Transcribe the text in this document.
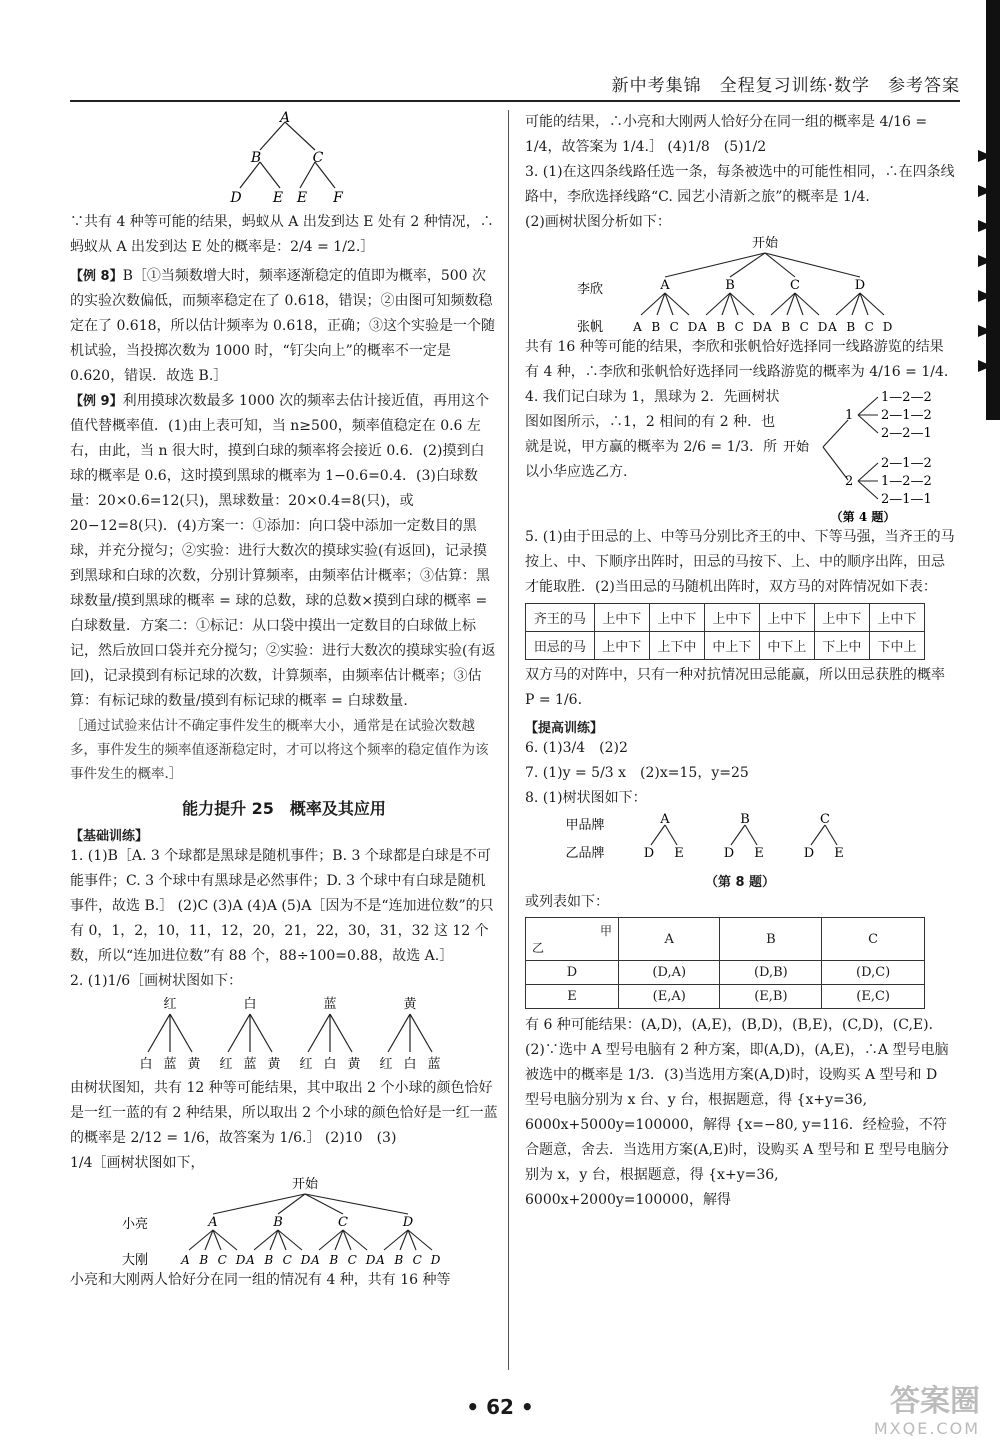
新中考集锦　全程复习训练·数学　参考答案
A
B	C
D E E F

∵共有 4 种等可能的结果，蚂蚁从 A 出发到达 E 处有 2 种情况，∴蚂蚁从 A 出发到达 E 处的概率是：2/4 = 1/2.］

【例 8】B［①当频数增大时，频率逐渐稳定的值即为概率，500 次的实验次数偏低，而频率稳定在了 0.618，错误；②由图可知频数稳定在了 0.618，所以估计频率为 0.618，正确；③这个实验是一个随机试验，当投掷次数为 1000 时，“钉尖向上”的概率不一定是 0.620，错误．故选 B.］

【例 9】利用摸球次数最多 1000 次的频率去估计接近值，再用这个值代替概率值．(1)由上表可知，当 n≥500，频率值稳定在 0.6 左右，由此，当 n 很大时，摸到白球的频率将会接近 0.6．(2)摸到白球的概率是 0.6，这时摸到黑球的概率为 1−0.6=0.4．(3)白球数量：20×0.6=12(只)，黑球数量：20×0.4=8(只)，或 20−12=8(只)．(4)方案一：①添加：向口袋中添加一定数目的黑球，并充分搅匀；②实验：进行大数次的摸球实验(有返回)，记录摸到黑球和白球的次数，分别计算频率，由频率估计概率；③估算：黑球数量/摸到黑球的概率 = 球的总数，球的总数×摸到白球的概率 = 白球数量．方案二：①标记：从口袋中摸出一定数目的白球做上标记，然后放回口袋并充分搅匀；②实验：进行大数次的摸球实验(有返回)，记录摸到有标记球的次数，计算频率，由频率估计概率；③估算：有标记球的数量/摸到有标记球的概率 = 白球数量.

［通过试验来估计不确定事件发生的概率大小，通常是在试验次数越多，事件发生的频率值逐渐稳定时，才可以将这个频率的稳定值作为该事件发生的概率.］

能力提升 25　概率及其应用
【基础训练】

1. (1)B［A. 3 个球都是黑球是随机事件；B. 3 个球都是白球是不可能事件；C. 3 个球中有黑球是必然事件；D. 3 个球中有白球是随机事件，故选 B.］ (2)C (3)A (4)A (5)A［因为不是“连加进位数”的只有 0，1，2，10，11，12，20，21，22，30，31，32 这 12 个数，所以“连加进位数”有 88 个，88÷100=0.88，故选 A.］

2. (1)1/6［画树状图如下：

红	白	蓝	黄
白 蓝 黄 红 蓝 黄 红 白 黄 红 白 蓝

由树状图知，共有 12 种等可能结果，其中取出 2 个小球的颜色恰好是一红一蓝的有 2 种结果，所以取出 2 个小球的颜色恰好是一红一蓝的概率是 2/12 = 1/6，故答案为 1/6.］ (2)10　(3)

1/4［画树状图如下，

开始
小亮
大刚
A	B	C	D
A B C D A B C D A B C D A B C D

小亮和大刚两人恰好分在同一组的情况有 4 种，共有 16 种等

可能的结果，∴小亮和大刚两人恰好分在同一组的概率是 4/16 = 1/4，故答案为 1/4.］ (4)1/8　(5)1/2

3. (1)在这四条线路任选一条，每条被选中的可能性相同，∴在四条线路中，李欣选择线路“C. 园艺小清新之旅”的概率是 1/4.

(2)画树状图分析如下：

开始
李欣
张帆
A	B	C	D
A B C D A B C D A B C D A B C D

共有 16 种等可能的结果，李欣和张帆恰好选择同一线路游览的结果有 4 种，∴李欣和张帆恰好选择同一线路游览的概率为 4/16 = 1/4.

4. 我们记白球为 1，黑球为 2．先画树状图如图所示，∴1，2 相间的有 2 种．也就是说，甲方赢的概率为 2/6 = 1/3．所以小华应选乙方.

开始
1
2
1—2—2
2—1—2
2—2—1
2—1—2
1—2—2
2—1—1
（第 4 题）

5. (1)由于田忌的上、中等马分别比齐王的中、下等马强，当齐王的马按上、中、下顺序出阵时，田忌的马按下、上、中的顺序出阵，田忌才能取胜．(2)当田忌的马随机出阵时，双方马的对阵情况如下表：

齐王的马	上中下	上中下	上中下	上中下	上中下	上中下
田忌的马	上中下	上下中	中上下	中下上	下上中	下中上

双方马的对阵中，只有一种对抗情况田忌能赢，所以田忌获胜的概率 P = 1/6.

【提高训练】

6. (1)3/4　(2)2

7. (1)y = 5/3 x　(2)x=15，y=25

8. (1)树状图如下：

甲品牌
乙品牌
A	B	C
D E	D E	D E
（第 8 题）

或列表如下：

甲

乙	A	B	C
D	(D,A)	(D,B)	(D,C)
E	(E,A)	(E,B)	(E,C)

有 6 种可能结果：(A,D)，(A,E)，(B,D)，(B,E)，(C,D)，(C,E)．(2)∵选中 A 型号电脑有 2 种方案，即(A,D)，(A,E)，∴A 型号电脑被选中的概率是 1/3．(3)当选用方案(A,D)时，设购买 A 型号和 D 型号电脑分别为 x 台、y 台，根据题意，得 {x+y=36, 6000x+5000y=100000，解得 {x=−80, y=116．经检验，不符合题意，舍去．当选用方案(A,E)时，设购买 A 型号和 E 型号电脑分别为 x，y 台，根据题意，得 {x+y=36, 6000x+2000y=100000，解得

• 62 •	答案圈
MXQE.COM
